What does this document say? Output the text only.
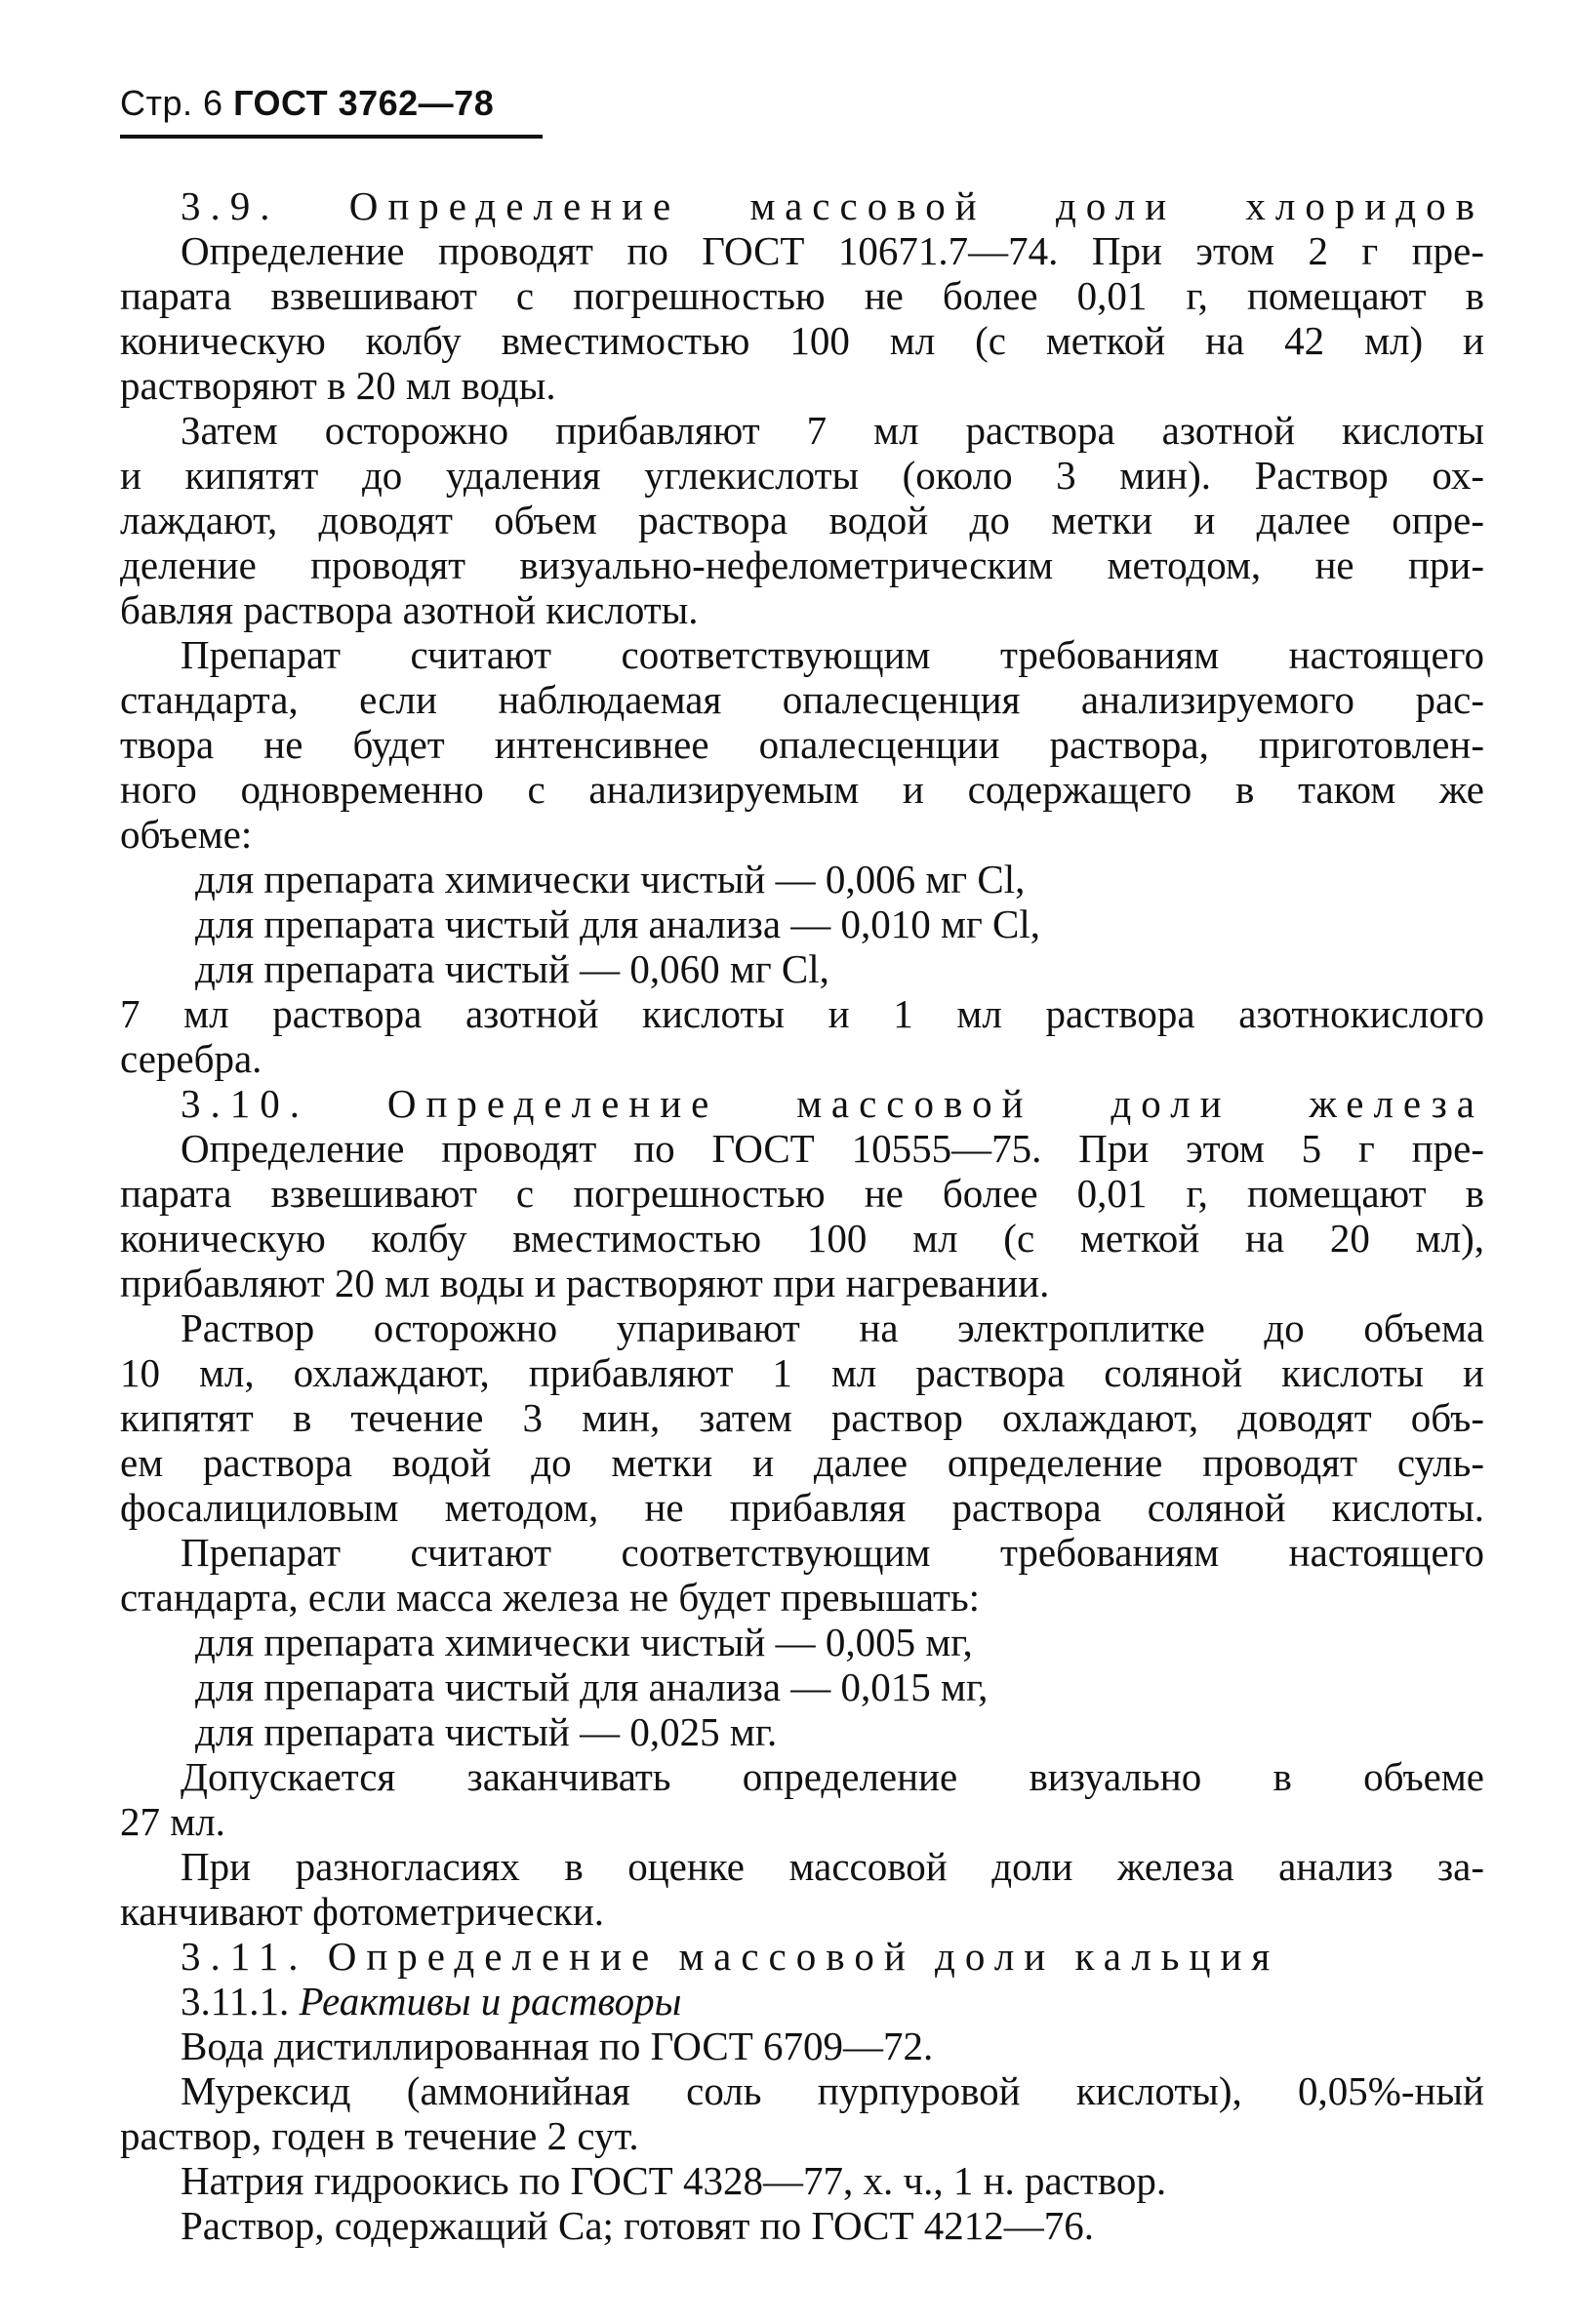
Стр. 6 ГОСТ 3762—78
3.9. Определение массовой доли хлоридов
Определение проводят по ГОСТ 10671.7—74. При этом 2 г пре-
парата взвешивают с погрешностью не более 0,01 г, помещают в
коническую колбу вместимостью 100 мл (с меткой на 42 мл) и
растворяют в 20 мл воды.
Затем осторожно прибавляют 7 мл раствора азотной кислоты
и кипятят до удаления углекислоты (около 3 мин). Раствор ох-
лаждают, доводят объем раствора водой до метки и далее опре-
деление проводят визуально-нефелометрическим методом, не при-
бавляя раствора азотной кислоты.
Препарат считают соответствующим требованиям настоящего
стандарта, если наблюдаемая опалесценция анализируемого рас-
твора не будет интенсивнее опалесценции раствора, приготовлен-
ного одновременно с анализируемым и содержащего в таком же
объеме:
для препарата химически чистый — 0,006 мг Cl,
для препарата чистый для анализа — 0,010 мг Cl,
для препарата чистый — 0,060 мг Cl,
7 мл раствора азотной кислоты и 1 мл раствора азотнокислого
серебра.
3.10. Определение массовой доли железа
Определение проводят по ГОСТ 10555—75. При этом 5 г пре-
парата взвешивают с погрешностью не более 0,01 г, помещают в
коническую колбу вместимостью 100 мл (с меткой на 20 мл),
прибавляют 20 мл воды и растворяют при нагревании.
Раствор осторожно упаривают на электроплитке до объема
10 мл, охлаждают, прибавляют 1 мл раствора соляной кислоты и
кипятят в течение 3 мин, затем раствор охлаждают, доводят объ-
ем раствора водой до метки и далее определение проводят суль-
фосалициловым методом, не прибавляя раствора соляной кислоты.
Препарат считают соответствующим требованиям настоящего
стандарта, если масса железа не будет превышать:
для препарата химически чистый — 0,005 мг,
для препарата чистый для анализа — 0,015 мг,
для препарата чистый — 0,025 мг.
Допускается заканчивать определение визуально в объеме
27 мл.
При разногласиях в оценке массовой доли железа анализ за-
канчивают фотометрически.
3.11. Определение массовой доли кальция
3.11.1. Реактивы и растворы
Вода дистиллированная по ГОСТ 6709—72.
Мурексид (аммонийная соль пурпуровой кислоты), 0,05%-ный
раствор, годен в течение 2 сут.
Натрия гидроокись по ГОСТ 4328—77, х. ч., 1 н. раствор.
Раствор, содержащий Са; готовят по ГОСТ 4212—76.
